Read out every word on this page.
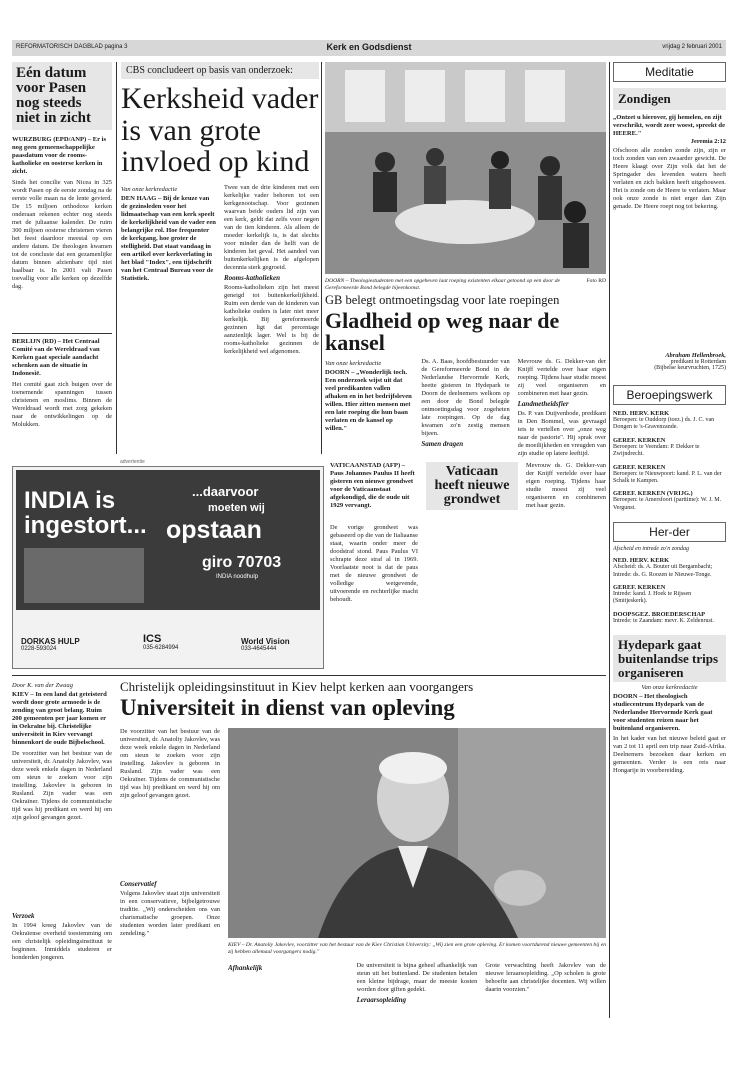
REFORMATORISCH DAGBLAD pagina 3	Kerk en Godsdienst	vrijdag 2 februari 2001
Eén datum voor Pasen nog steeds niet in zicht
WURZBURG (EPD/ANP) – Er is nog geen gemeenschappelijke paasdatum voor de rooms-katholieke en oosterse kerken in zicht.
Sinds het concilie van Nicea in 325 wordt Pasen op de eerste zondag na de eerste volle maan na de lente gevierd. De 15 miljoen orthodoxe kerken onderaan rekenen echter nog steeds met de juliaanse kalender. De ruim 300 miljoen oosterse christenen vieren het feest daardoor meestal op een andere datum. De theologen kwamen tot de conclusie dat een gezamenlijke datum binnen afzienbare tijd niet haalbaar is. In 2001 valt Pasen toevallig voor alle kerken op dezelfde dag.
BERLIJN (RD) – Het Centraal Comité van de Wereldraad van Kerken gaat speciale aandacht schenken aan de situatie in Indonesië.
Het comité gaat zich buigen over de toenemende spanningen tussen christenen en moslims. Binnen de Wereldraad wordt met zorg gekeken naar de ontwikkelingen op de Molukken.
CBS concludeert op basis van onderzoek:
Kerksheid vader is van grote invloed op kind
Van onze kerkredactie
DEN HAAG – Bij de keuze van de gezinsleden voor het lidmaatschap van een kerk speelt de kerkelijkheid van de vader een belangrijke rol. Hoe frequenter de kerkgang, hoe groter de stelligheid. Dat staat vandaag in een artikel over kerkverlating in het blad "Index", een tijdschrift van het Centraal Bureau voor de Statistiek.
Twee van de drie kinderen met een kerkelijke vader behoren tot een kerkgenootschap. Voor gezinnen waarvan beide ouders lid zijn van een kerk, geldt dat zelfs voor negen van de tien kinderen. Als alleen de moeder kerkelijk is, is dat slechts voor minder dan de helft van de kinderen het geval. Het aandeel van buitenkerkelijken is de afgelopen decennia sterk gegroeid.
Rooms-katholieken
Rooms-katholieken zijn het meest geneigd tot buitenkerkelijkheid. Ruim een derde van de kinderen van katholieke ouders is later niet meer kerkelijk. Bij gereformeerde gezinnen ligt dat percentage aanzienlijk lager. Wel is bij de rooms-katholieke gezinnen de kerkelijkheid wel afgenomen.
DOORN – Theologiestudenten met een opgeheven laat roeping existenten elkaar getoond op een door de Gereformeerde Bond belegde bijeenkomst.
Foto RD
GB belegt ontmoetingsdag voor late roepingen
Gladheid op weg naar de kansel
Van onze kerkredactie
DOORN – „Wonderlijk toch. Een onderzoek wijst uit dat veel predikanten vallen afhaken en in het bedrijfsleven willen. Hier zitten mensen met een late roeping die hun baan verlaten en de kansel op willen."
Ds. A. Baas, hoofdbestuurder van de Gereformeerde Bond in de Nederlandse Hervormde Kerk, heette gisteren in Hydepark te Doorn de deelnemers welkom op een door de Bond belegde ontmoetingsdag voor zogeheten late roepingen. Op de dag kwamen zo'n zestig mensen bijeen.
Samen dragen
Mevrouw ds. G. Dekker-van der Knijff vertelde over haar eigen roeping. Tijdens haar studie moest zij veel organiseren en combineren met haar gezin.
Landmetheidsfier
Ds. P. van Duijvenbode, predikant in Den Bommel, was gevraagd iets te vertellen over „onze weg naar de pastorie". Hij sprak over de moeilijkheden en vreugden van zijn studie op latere leeftijd.
advertentie
INDIA is ingestort...
...daarvoor
moeten wij
opstaan
giro 70703
INDIA noodhulp
DORKAS HULP
0228-593024
ICS
035-6284994
World Vision
033-4645444
VATICAANSTAD (AFP) – Paus Johannes Paulus II heeft gisteren een nieuwe grondwet voor de Vaticaanstaat afgekondigd, die de oude uit 1929 vervangt.
De vorige grondwet was gebaseerd op die van de Italiaanse staat, waarin onder meer de doodstraf stond. Paus Paulus VI schrapte deze straf al in 1969. Voorlaatste noot is dat de paus met de nieuwe grondwet de volledige wetgevende, uitvoerende en rechterlijke macht behoudt.
Vaticaan heeft nieuwe grondwet
Mevrouw ds. G. Dekker-van der Knijff vertelde over haar eigen roeping. Tijdens haar studie moest zij veel organiseren en combineren met haar gezin.
Meditatie
Zondigen
„Ontzet u hierover, gij hemelen, en zijt verschrikt, wordt zeer woest, spreekt de HEERE."
Jeremia 2:12
Ofschoon alle zonden zonde zijn, zijn er toch zonden van een zwaarder gewicht. De Heere klaagt over Zijn volk dat het de Springader des levenden waters heeft verlaten en zich bakken heeft uitgehouwen. Het is zonde om de Heere te verlaten. Maar ook onze zonde is niet erger dan Zijn genade. De Heere roept nog tot bekering.
Abraham Hellenbroek,
predikant te Rotterdam
(Bijbelse keurvruchten, 1725)
Beroepingswerk
NED. HERV. KERK
Beroepen: te Ouddorp (toez.) ds. J. C. van Dongen te 's-Gravenzande.
GEREF. KERKEN
Beroepen: te Veendam: P. Dekker te Zwijndrecht.
GEREF. KERKEN
Beroepen: te Nieuwpoort: kand. P. L. van der Schalk te Kampen.
GEREF. KERKEN (VRIJG.)
Beroepen: te Amersfoort (parttime): W. J. M. Vergunst.
Her-der
Afscheid en intrede zo'n zondag
NED. HERV. KERK
Afscheid: ds. A. Bouter uit Bergambacht; Intrede: ds. G. Roozen te Nieuwe-Tonge.
GEREF. KERKEN
Intrede: kand. J. Hoek te Rijssen (Smitjeskerk).
DOOPSGEZ. BROEDERSCHAP
Intrede: te Zaandam: mevr. K. Zeldenrust.
Hydepark gaat buitenlandse trips organiseren
Van onze kerkredactie
DOORN – Het theologisch studiecentrum Hydepark van de Nederlandse Hervormde Kerk gaat voor studenten reizen naar het buitenland organiseren.
In het kader van het nieuwe beleid gaat er van 2 tot 11 april een trip naar Zuid-Afrika. Deelnemers bezoeken daar kerken en gemeenten. Verder is een reis naar Hongarije in voorbereiding.
Door K. van der Zwaag
KIEV – In een land dat geteisterd wordt door grote armoede is de zending van groot belang. Ruim 200 gemeenten per jaar komen er in Oekraïne bij. Christelijke universiteit in Kiev vervangt binnenkort de oude Bijbelschool.
De voorzitter van het bestuur van de universiteit, dr. Anatoliy Jakovlev, was deze week enkele dagen in Nederland om steun te zoeken voor zijn instelling. Jakovlev is geboren in Rusland. Zijn vader was een Oekraïner. Tijdens de communistische tijd was hij predikant en werd hij om zijn geloof gevangen gezet.
Verzoek
In 1994 kreeg Jakovlev van de Oekraïense overheid toestemming om een christelijk opleidingsinstituut te beginnen. Inmiddels studeren er honderden jongeren.
Christelijk opleidingsinstituut in Kiev helpt kerken aan voorgangers
Universiteit in dienst van opleving
De voorzitter van het bestuur van de universiteit, dr. Anatoliy Jakovlev, was deze week enkele dagen in Nederland om steun te zoeken voor zijn instelling. Jakovlev is geboren in Rusland. Zijn vader was een Oekraïner. Tijdens de communistische tijd was hij predikant en werd hij om zijn geloof gevangen gezet.
Conservatief
Volgens Jakovlev staat zijn universiteit in een conservatieve, bijbelgetrouwe traditie. „Wij onderscheiden ons van charismatische groepen. Onze studenten worden later predikant en zendeling."
KIEV – Dr. Anatoliy Jakovlev, voorzitter van het bestuur van de Kiev Christian University: „Wij zien een grote opleving. Er komen voortdurend nieuwe gemeenten bij en zij hebben allemaal voorgangers nodig."
Afhankelijk	De universiteit is bijna geheel afhankelijk van steun uit het buitenland. De studenten betalen een kleine bijdrage, maar de meeste kosten worden door giften gedekt.
Leraarsopleiding
Grote verwachting heeft Jakovlev van de nieuwe leraarsopleiding. „Op scholen is grote behoefte aan christelijke docenten. Wij willen daarin voorzien."
